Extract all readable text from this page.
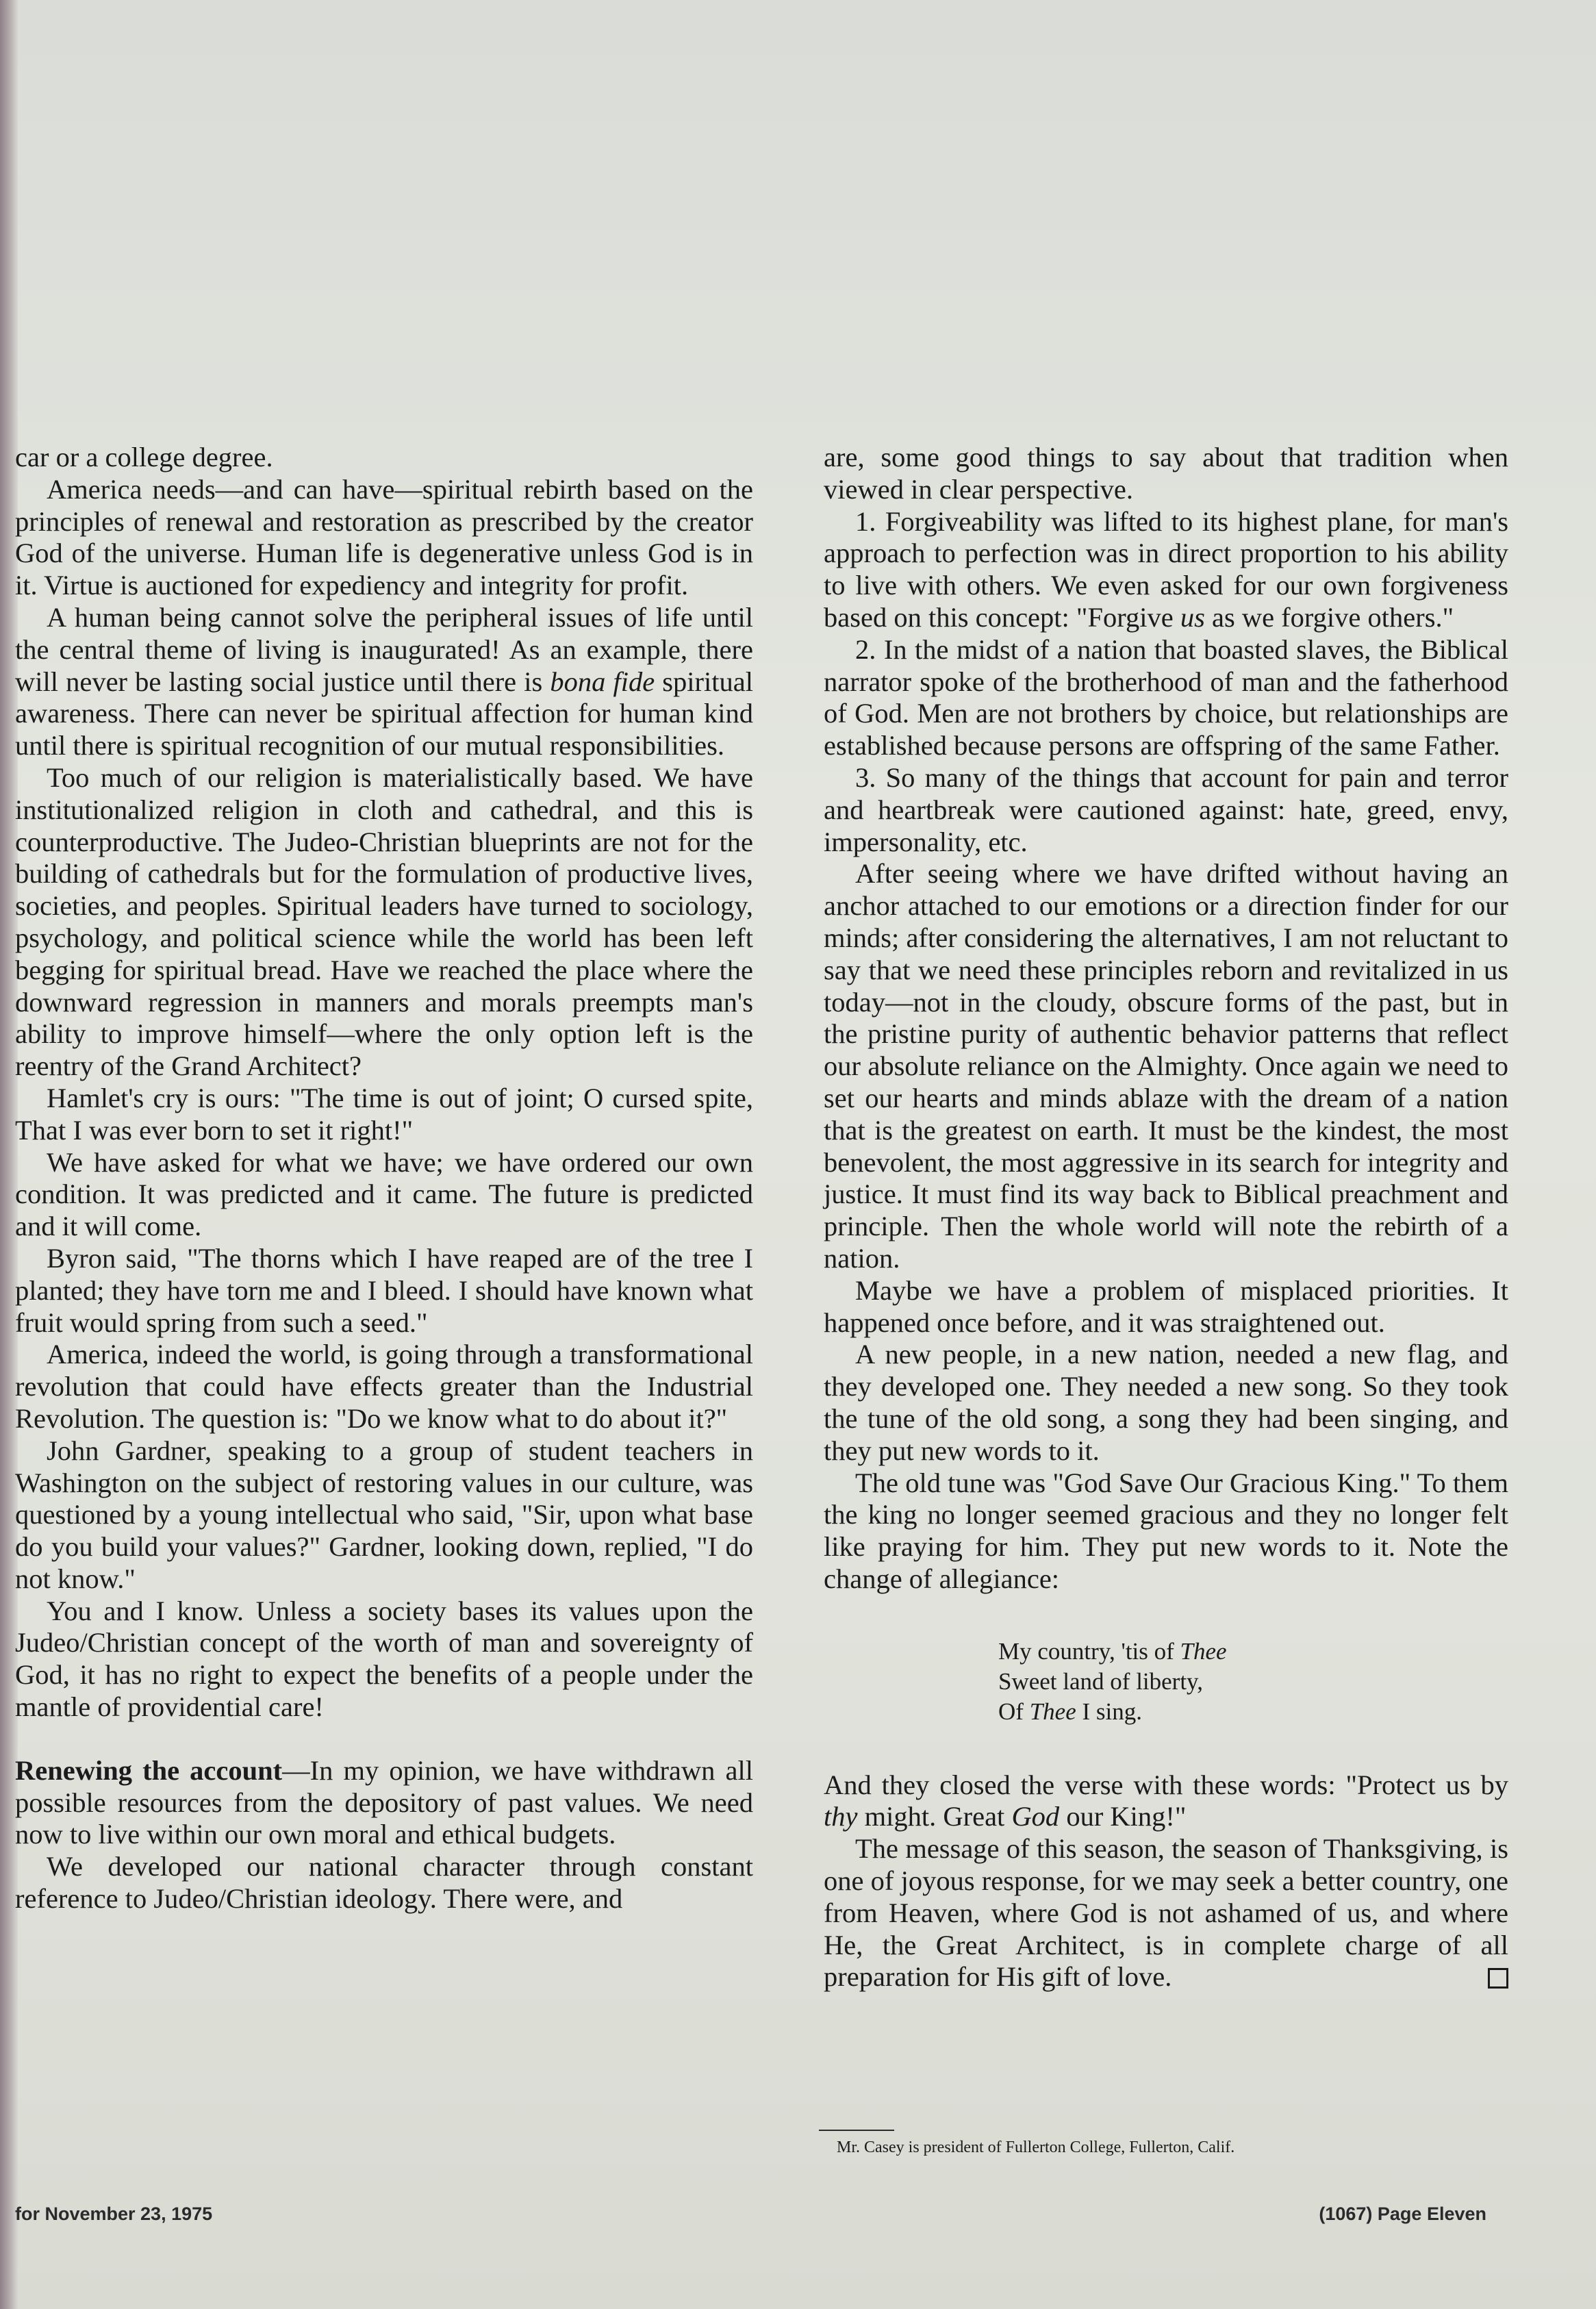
car or a college degree.

America needs—and can have—spiritual rebirth based on the principles of renewal and restoration as prescribed by the creator God of the universe. Human life is degenerative unless God is in it. Virtue is auctioned for expediency and integrity for profit.

A human being cannot solve the peripheral issues of life until the central theme of living is inaugurated! As an example, there will never be lasting social justice until there is bona fide spiritual awareness. There can never be spiritual affection for human kind until there is spiritual recognition of our mutual responsibilities.

Too much of our religion is materialistically based. We have institutionalized religion in cloth and cathedral, and this is counterproductive. The Judeo-Christian blueprints are not for the building of cathedrals but for the formulation of productive lives, societies, and peoples. Spiritual leaders have turned to sociology, psychology, and political science while the world has been left begging for spiritual bread. Have we reached the place where the downward regression in manners and morals preempts man's ability to improve himself—where the only option left is the reentry of the Grand Architect?

Hamlet's cry is ours: "The time is out of joint; O cursed spite, That I was ever born to set it right!"

We have asked for what we have; we have ordered our own condition. It was predicted and it came. The future is predicted and it will come.

Byron said, "The thorns which I have reaped are of the tree I planted; they have torn me and I bleed. I should have known what fruit would spring from such a seed."

America, indeed the world, is going through a transformational revolution that could have effects greater than the Industrial Revolution. The question is: "Do we know what to do about it?"

John Gardner, speaking to a group of student teachers in Washington on the subject of restoring values in our culture, was questioned by a young intellectual who said, "Sir, upon what base do you build your values?" Gardner, looking down, replied, "I do not know."

You and I know. Unless a society bases its values upon the Judeo/Christian concept of the worth of man and sovereignty of God, it has no right to expect the benefits of a people under the mantle of providential care!

Renewing the account—In my opinion, we have withdrawn all possible resources from the depository of past values. We need now to live within our own moral and ethical budgets.

We developed our national character through constant reference to Judeo/Christian ideology. There were, and

are, some good things to say about that tradition when viewed in clear perspective.

1. Forgiveability was lifted to its highest plane, for man's approach to perfection was in direct proportion to his ability to live with others. We even asked for our own forgiveness based on this concept: "Forgive us as we forgive others."

2. In the midst of a nation that boasted slaves, the Biblical narrator spoke of the brotherhood of man and the fatherhood of God. Men are not brothers by choice, but relationships are established because persons are offspring of the same Father.

3. So many of the things that account for pain and terror and heartbreak were cautioned against: hate, greed, envy, impersonality, etc.

After seeing where we have drifted without having an anchor attached to our emotions or a direction finder for our minds; after considering the alternatives, I am not reluctant to say that we need these principles reborn and revitalized in us today—not in the cloudy, obscure forms of the past, but in the pristine purity of authentic behavior patterns that reflect our absolute reliance on the Almighty. Once again we need to set our hearts and minds ablaze with the dream of a nation that is the greatest on earth. It must be the kindest, the most benevolent, the most aggressive in its search for integrity and justice. It must find its way back to Biblical preachment and principle. Then the whole world will note the rebirth of a nation.

Maybe we have a problem of misplaced priorities. It happened once before, and it was straightened out.

A new people, in a new nation, needed a new flag, and they developed one. They needed a new song. So they took the tune of the old song, a song they had been singing, and they put new words to it.

The old tune was "God Save Our Gracious King." To them the king no longer seemed gracious and they no longer felt like praying for him. They put new words to it. Note the change of allegiance:

My country, 'tis of Thee
Sweet land of liberty,
Of Thee I sing.

And they closed the verse with these words: "Protect us by thy might. Great God our King!"

The message of this season, the season of Thanksgiving, is one of joyous response, for we may seek a better country, one from Heaven, where God is not ashamed of us, and where He, the Great Architect, is in complete charge of all preparation for His gift of love.

Mr. Casey is president of Fullerton College, Fullerton, Calif.
for November 23, 1975	(1067) Page Eleven
